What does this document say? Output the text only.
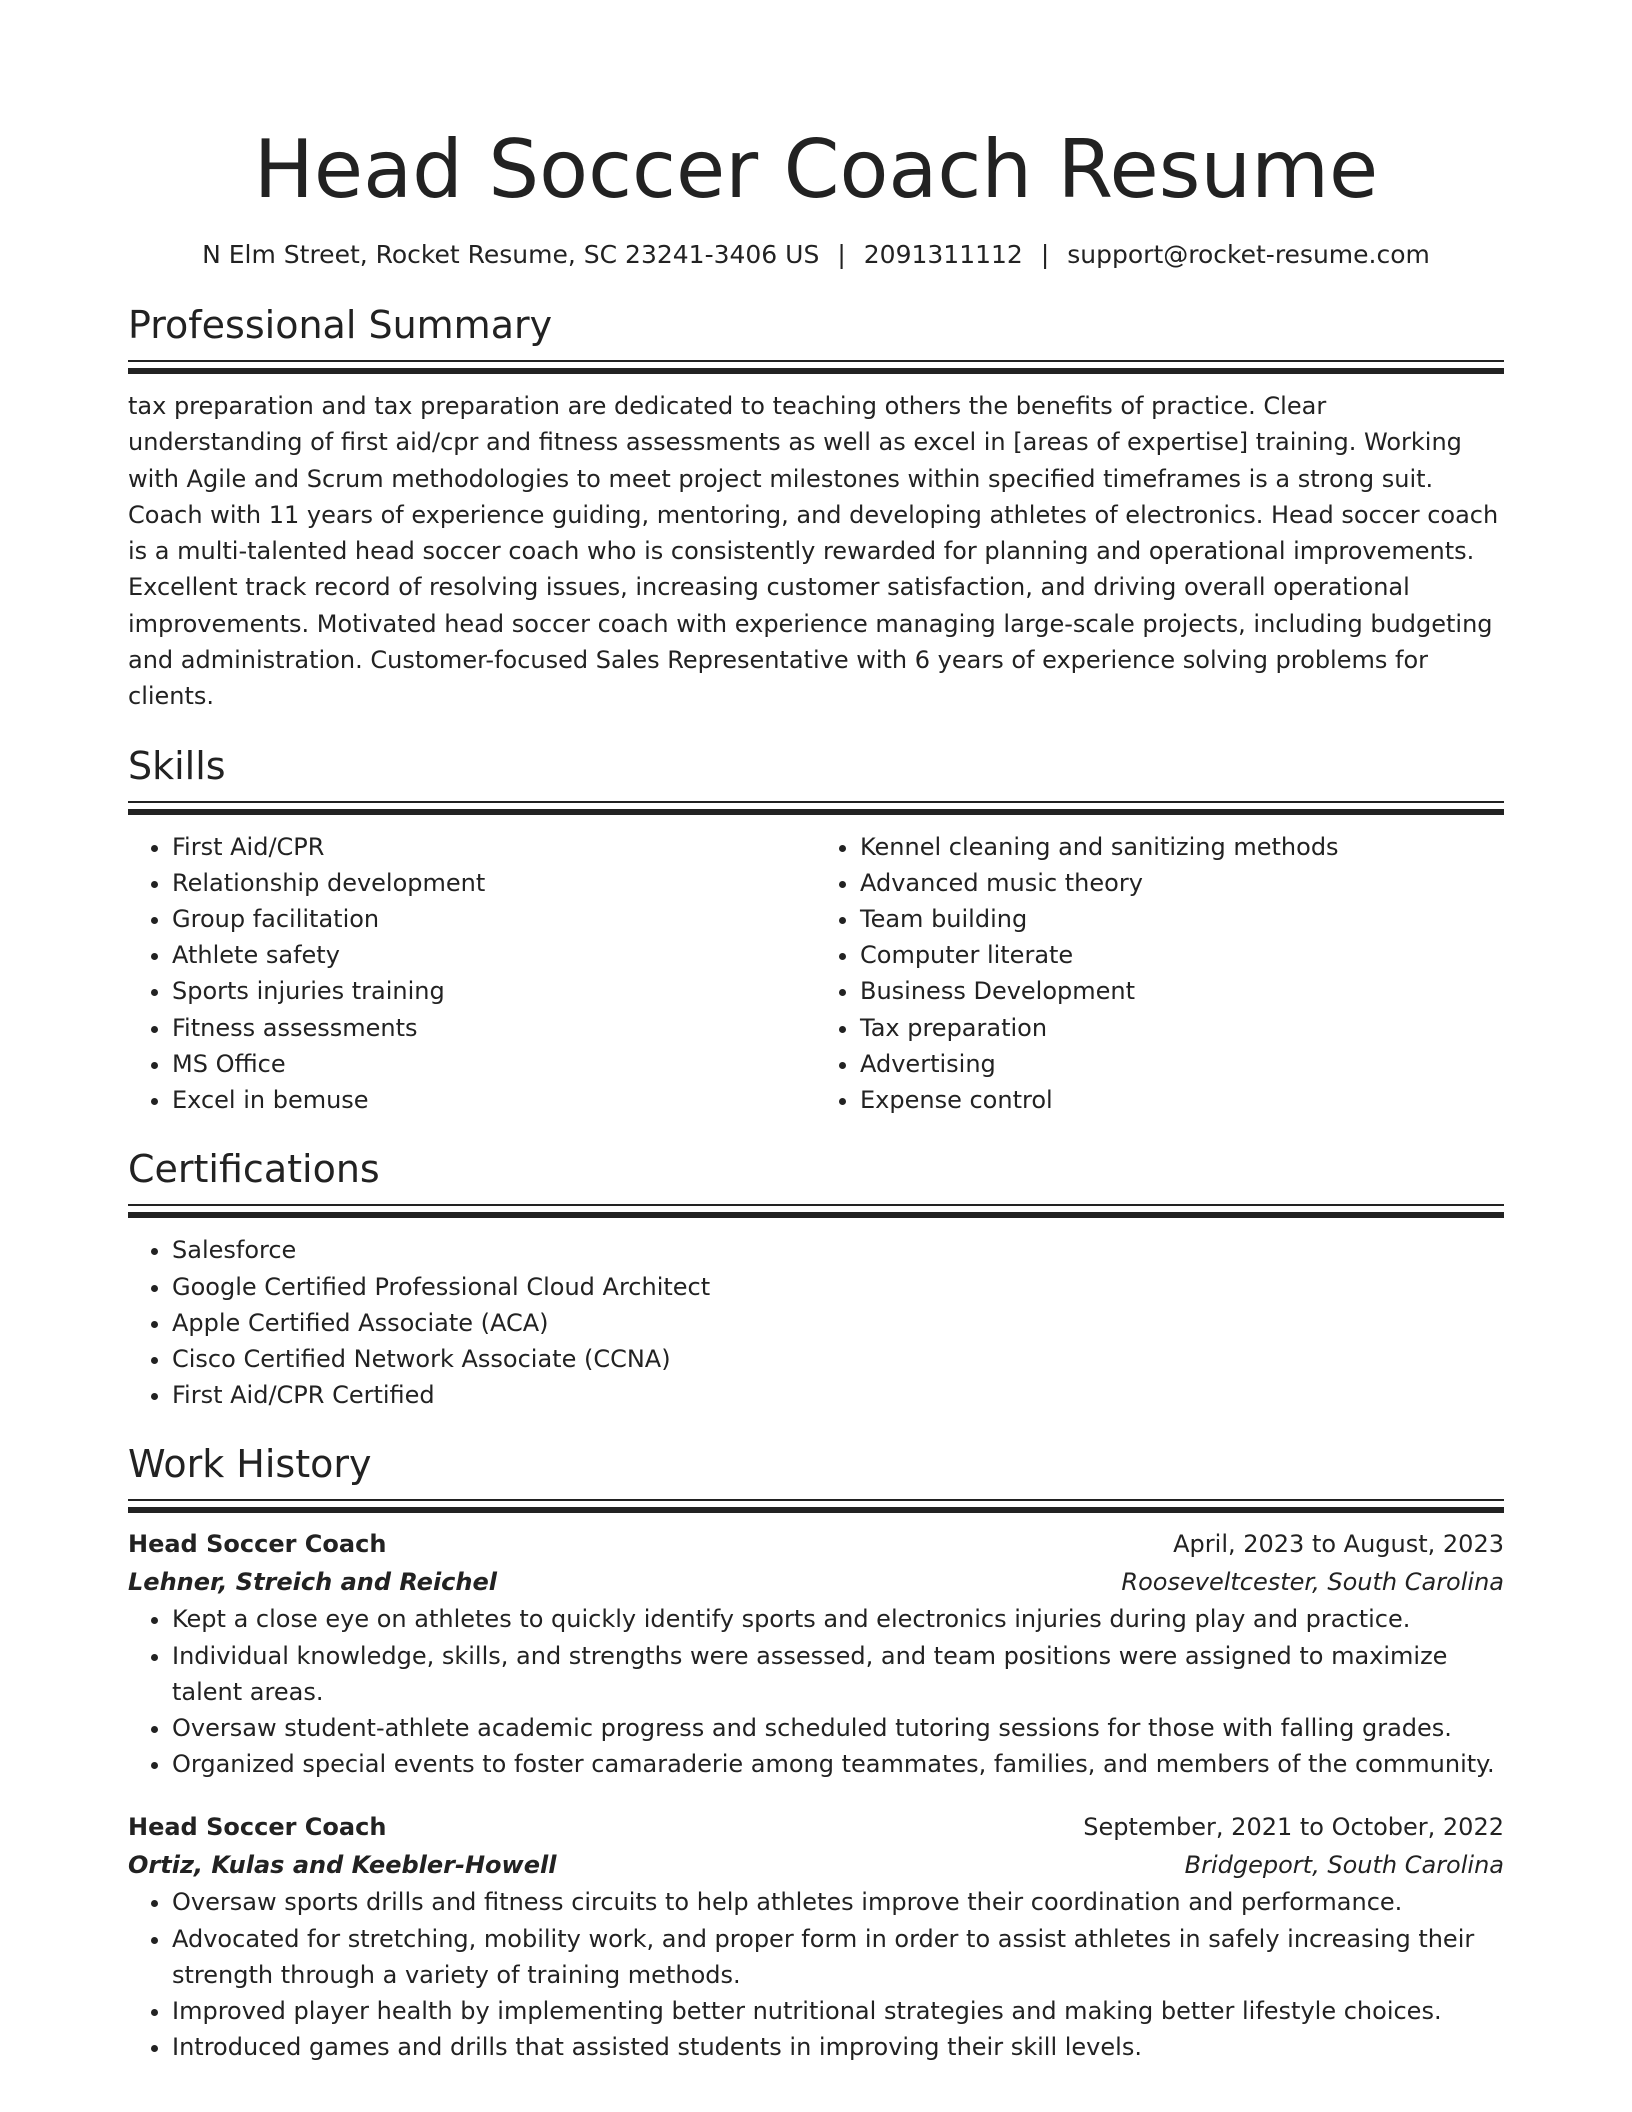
Head Soccer Coach Resume
N Elm Street, Rocket Resume, SC 23241-3406 US | 2091311112 | support@rocket-resume.com
Professional Summary
tax preparation and tax preparation are dedicated to teaching others the benefits of practice. Clear understanding of first aid/cpr and fitness assessments as well as excel in [areas of expertise] training. Working with Agile and Scrum methodologies to meet project milestones within specified timeframes is a strong suit. Coach with 11 years of experience guiding, mentoring, and developing athletes of electronics. Head soccer coach is a multi-talented head soccer coach who is consistently rewarded for planning and operational improvements. Excellent track record of resolving issues, increasing customer satisfaction, and driving overall operational improvements. Motivated head soccer coach with experience managing large-scale projects, including budgeting and administration. Customer-focused Sales Representative with 6 years of experience solving problems for clients.
Skills
• First Aid/CPR
• Relationship development
• Group facilitation
• Athlete safety
• Sports injuries training
• Fitness assessments
• MS Office
• Excel in bemuse
• Kennel cleaning and sanitizing methods
• Advanced music theory
• Team building
• Computer literate
• Business Development
• Tax preparation
• Advertising
• Expense control
Certifications
• Salesforce
• Google Certified Professional Cloud Architect
• Apple Certified Associate (ACA)
• Cisco Certified Network Associate (CCNA)
• First Aid/CPR Certified
Work History
Head Soccer Coach	April, 2023 to August, 2023
Lehner, Streich and Reichel	Rooseveltcester, South Carolina
• Kept a close eye on athletes to quickly identify sports and electronics injuries during play and practice.
• Individual knowledge, skills, and strengths were assessed, and team positions were assigned to maximize talent areas.
• Oversaw student-athlete academic progress and scheduled tutoring sessions for those with falling grades.
• Organized special events to foster camaraderie among teammates, families, and members of the community.
Head Soccer Coach	September, 2021 to October, 2022
Ortiz, Kulas and Keebler-Howell	Bridgeport, South Carolina
• Oversaw sports drills and fitness circuits to help athletes improve their coordination and performance.
• Advocated for stretching, mobility work, and proper form in order to assist athletes in safely increasing their strength through a variety of training methods.
• Improved player health by implementing better nutritional strategies and making better lifestyle choices.
• Introduced games and drills that assisted students in improving their skill levels.
